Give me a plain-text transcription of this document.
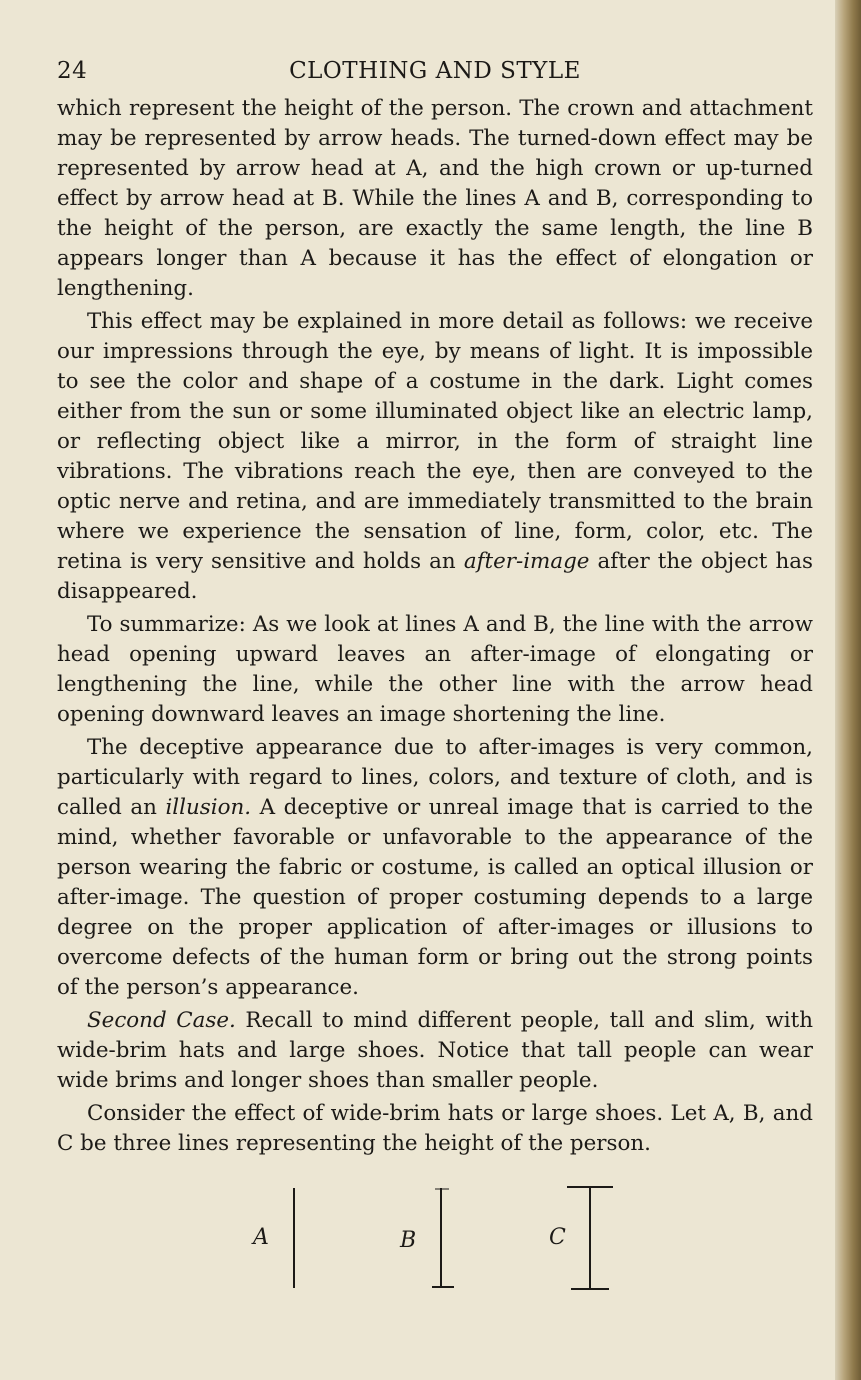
24	CLOTHING AND STYLE

which represent the height of the person. The crown and attachment may be represented by arrow heads. The turned-down effect may be represented by arrow head at A, and the high crown or up-turned effect by arrow head at B. While the lines A and B, corresponding to the height of the person, are exactly the same length, the line B appears longer than A because it has the effect of elongation or lengthening.

This effect may be explained in more detail as follows: we receive our impressions through the eye, by means of light. It is impossible to see the color and shape of a costume in the dark. Light comes either from the sun or some illuminated object like an electric lamp, or reflecting object like a mirror, in the form of straight line vibrations. The vibrations reach the eye, then are conveyed to the optic nerve and retina, and are immediately transmitted to the brain where we experience the sensation of line, form, color, etc. The retina is very sensitive and holds an after-image after the object has disappeared.

To summarize: As we look at lines A and B, the line with the arrow head opening upward leaves an after-image of elongating or lengthening the line, while the other line with the arrow head opening downward leaves an image shortening the line.

The deceptive appearance due to after-images is very common, particularly with regard to lines, colors, and texture of cloth, and is called an illusion. A deceptive or unreal image that is carried to the mind, whether favorable or unfavorable to the appearance of the person wearing the fabric or costume, is called an optical illusion or after-image. The question of proper costuming depends to a large degree on the proper application of after-images or illusions to overcome defects of the human form or bring out the strong points of the person’s appearance.

Second Case. Recall to mind different people, tall and slim, with wide-brim hats and large shoes. Notice that tall people can wear wide brims and longer shoes than smaller people.

Consider the effect of wide-brim hats or large shoes. Let A, B, and C be three lines representing the height of the person.

A	B	C
